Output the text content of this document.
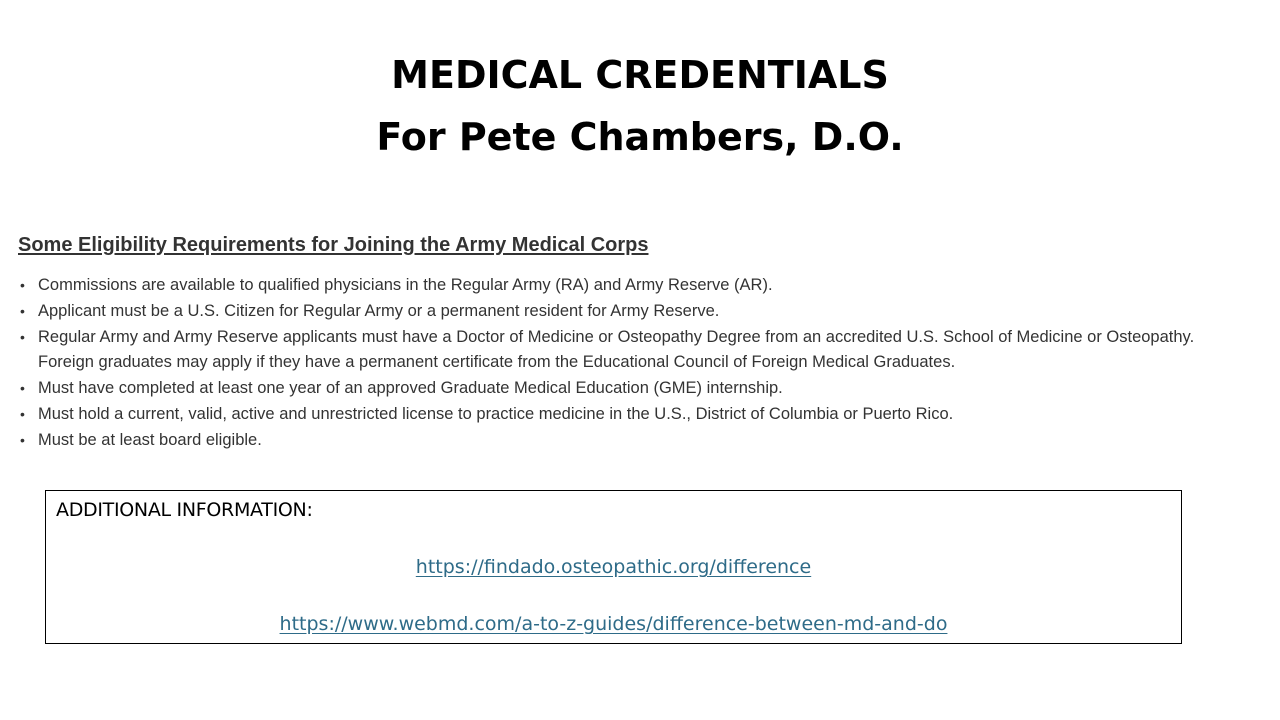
MEDICAL CREDENTIALS
For Pete Chambers, D.O.
Some Eligibility Requirements for Joining the Army Medical Corps
• Commissions are available to qualified physicians in the Regular Army (RA) and Army Reserve (AR).
• Applicant must be a U.S. Citizen for Regular Army or a permanent resident for Army Reserve.
• Regular Army and Army Reserve applicants must have a Doctor of Medicine or Osteopathy Degree from an accredited U.S. School of Medicine or Osteopathy. Foreign graduates may apply if they have a permanent certificate from the Educational Council of Foreign Medical Graduates.
• Must have completed at least one year of an approved Graduate Medical Education (GME) internship.
• Must hold a current, valid, active and unrestricted license to practice medicine in the U.S., District of Columbia or Puerto Rico.
• Must be at least board eligible.
ADDITIONAL INFORMATION:
https://findado.osteopathic.org/difference
https://www.webmd.com/a-to-z-guides/difference-between-md-and-do
